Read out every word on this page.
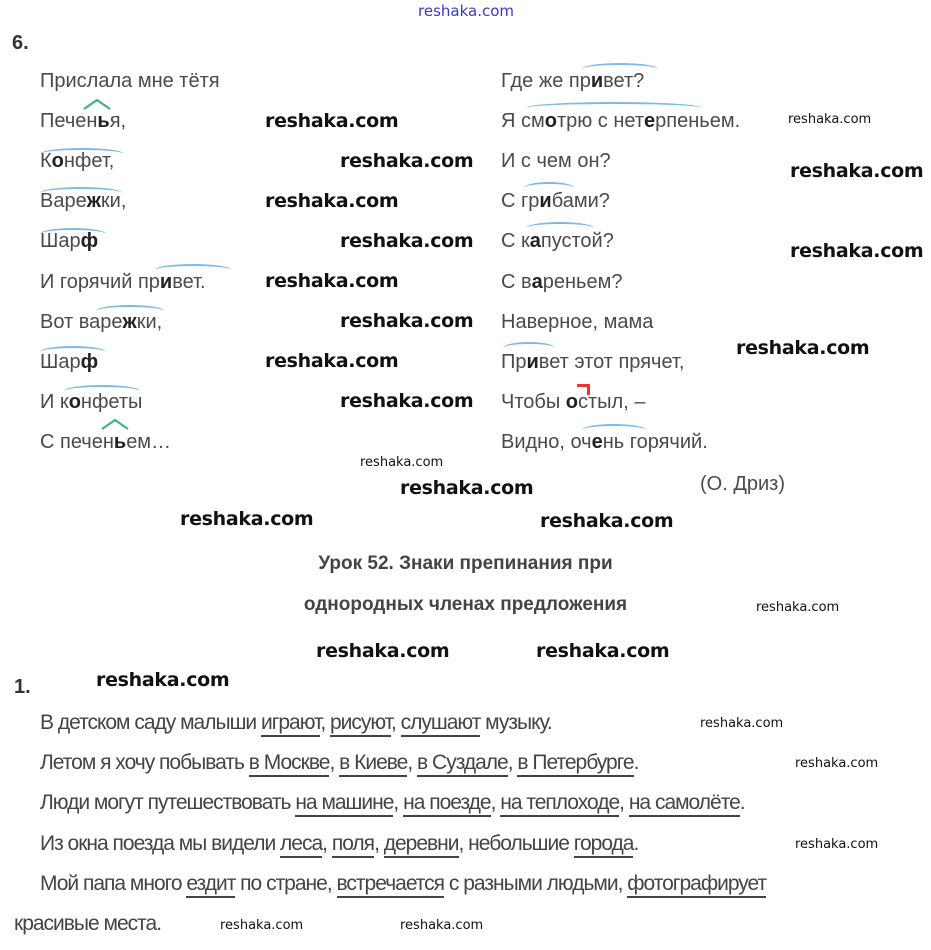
reshaka.com
6.
Прислала мне тётя
Печенья,
Конфет,
Варежки,
Шарф
И горячий привет.
Вот варежки,
Шарф
И конфеты
С печеньем…
Где же привет?
Я cмотрю с нетерпеньем.
И с чем он?
С грибами?
С капустой?
С вареньем?
Наверное, мама
Привет этот прячет,
Чтобы остыл, –
Видно, очень горячий.
(О. Дриз)
Урок 52. Знаки препинания при
однородных членах предложения
1.
В детском саду малыши играют, рисуют, слушают музыку.
Летом я хочу побывать в Москве, в Киеве, в Суздале, в Петербурге.
Люди могут путешествовать на машине, на поезде, на теплоходе, на самолёте.
Из окна поезда мы видели леса, поля, деревни, небольшие города.
Мой папа много ездит по стране, встречается с разными людьми, фотографирует
красивые места.
reshaka.com
reshaka.com
reshaka.com
reshaka.com
reshaka.com
reshaka.com
reshaka.com
reshaka.com
reshaka.com
reshaka.com
reshaka.com
reshaka.com
reshaka.com	reshaka.com
reshaka.com	reshaka.com
reshaka.com
reshaka.com
reshaka.com
reshaka.com
reshaka.com
reshaka.com
reshaka.com
reshaka.com	reshaka.com
